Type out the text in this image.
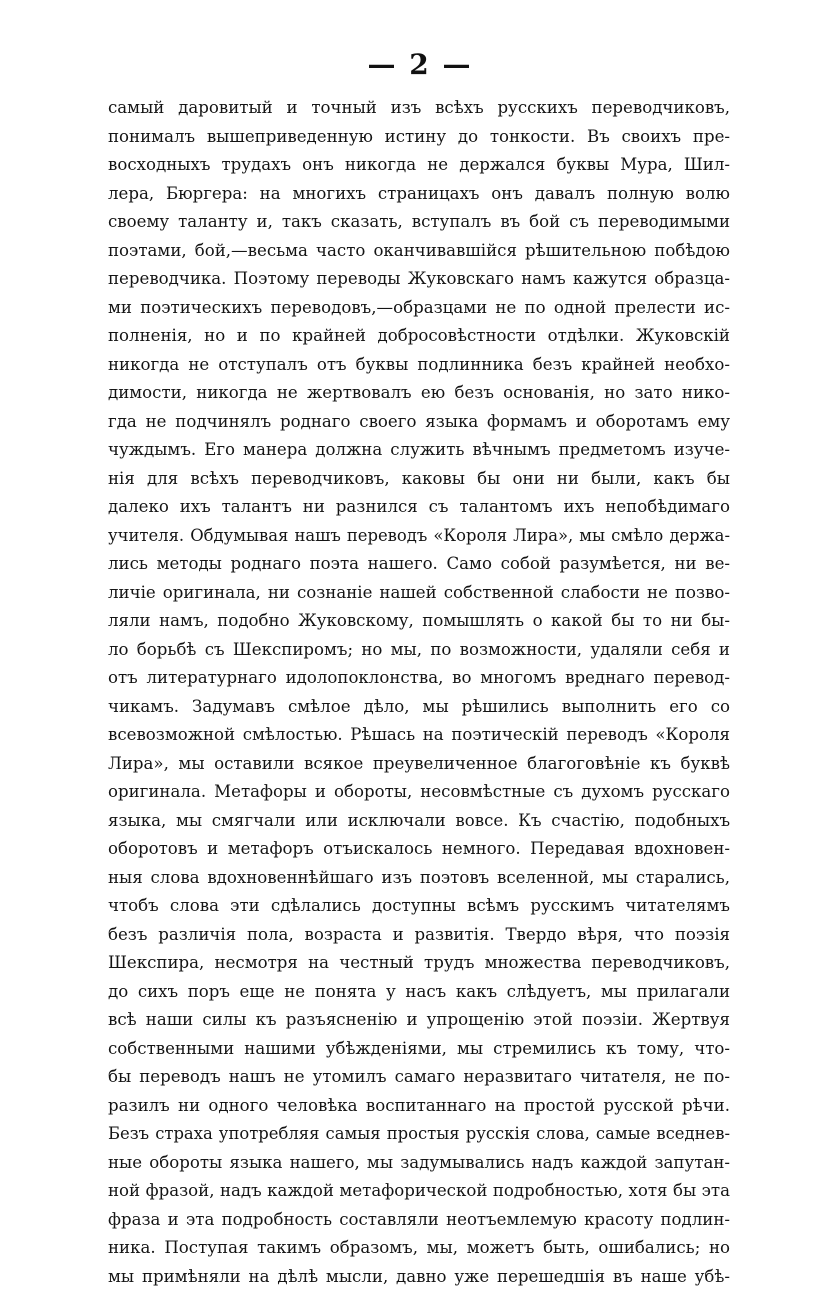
— 2 —
самый даровитый и точный изъ всѣхъ русскихъ переводчиковъ,
понималъ вышеприведенную истину до тонкости. Въ своихъ пре-
восходныхъ трудахъ онъ никогда не держался буквы Мура, Шил-
лера, Бюргера: на многихъ страницахъ онъ давалъ полную волю
своему таланту и, такъ сказать, вступалъ въ бой съ переводимыми
поэтами, бой,—весьма часто оканчивавшійся рѣшительною побѣдою
переводчика. Поэтому переводы Жуковскаго намъ кажутся образца-
ми поэтическихъ переводовъ,—образцами не по одной прелести ис-
полненія, но и по крайней добросовѣстности отдѣлки. Жуковскій
никогда не отступалъ отъ буквы подлинника безъ крайней необхо-
димости, никогда не жертвовалъ ею безъ основанія, но зато нико-
гда не подчинялъ роднаго своего языка формамъ и оборотамъ ему
чуждымъ. Его манера должна служить вѣчнымъ предметомъ изуче-
нія для всѣхъ переводчиковъ, каковы бы они ни были, какъ бы
далеко ихъ талантъ ни разнился съ талантомъ ихъ непобѣдимаго
учителя. Обдумывая нашъ переводъ «Короля Лира», мы смѣло держа-
лись методы роднаго поэта нашего. Само собой разумѣется, ни ве-
личіе оригинала, ни сознаніе нашей собственной слабости не позво-
ляли намъ, подобно Жуковскому, помышлять о какой бы то ни бы-
ло борьбѣ съ Шекспиромъ; но мы, по возможности, удаляли себя и
отъ литературнаго идолопоклонства, во многомъ вреднаго перевод-
чикамъ. Задумавъ смѣлое дѣло, мы рѣшились выполнить его со
всевозможной смѣлостью. Рѣшась на поэтическій переводъ «Короля
Лира», мы оставили всякое преувеличенное благоговѣніе къ буквѣ
оригинала. Метафоры и обороты, несовмѣстные съ духомъ русскаго
языка, мы смягчали или исключали вовсе. Къ счастію, подобныхъ
оборотовъ и метафоръ отъискалось немного. Передавая вдохновен-
ныя слова вдохновеннѣйшаго изъ поэтовъ вселенной, мы старались,
чтобъ слова эти сдѣлались доступны всѣмъ русскимъ читателямъ
безъ различія пола, возраста и развитія. Твердо вѣря, что поэзія
Шекспира, несмотря на честный трудъ множества переводчиковъ,
до сихъ поръ еще не понята у насъ какъ слѣдуетъ, мы прилагали
всѣ наши силы къ разъясненію и упрощенію этой поэзіи. Жертвуя
собственными нашими убѣжденіями, мы стремились къ тому, что-
бы переводъ нашъ не утомилъ самаго неразвитаго читателя, не по-
разилъ ни одного человѣка воспитаннаго на простой русской рѣчи.
Безъ страха употребляя самыя простыя русскія слова, самые вседнев-
ные обороты языка нашего, мы задумывались надъ каждой запутан-
ной фразой, надъ каждой метафорической подробностью, хотя бы эта
фраза и эта подробность составляли неотъемлемую красоту подлин-
ника. Поступая такимъ образомъ, мы, можетъ быть, ошибались; но
мы примѣняли на дѣлѣ мысли, давно уже перешедшія въ наше убѣ-
